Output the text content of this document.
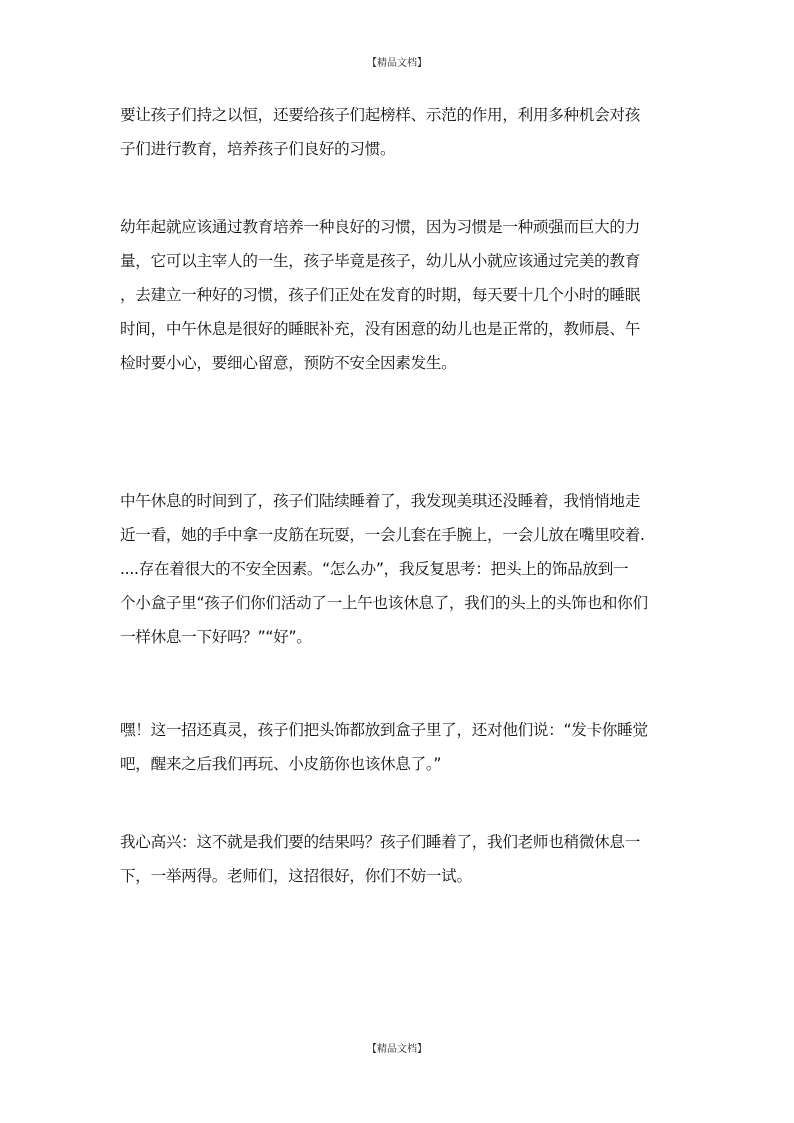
【精品文档】
要让孩子们持之以恒，还要给孩子们起榜样、示范的作用，利用多种机会对孩
子们进行教育，培养孩子们良好的习惯。
幼年起就应该通过教育培养一种良好的习惯，因为习惯是一种顽强而巨大的力
量，它可以主宰人的一生，孩子毕竟是孩子，幼儿从小就应该通过完美的教育
，去建立一种好的习惯，孩子们正处在发育的时期，每天要十几个小时的睡眠
时间，中午休息是很好的睡眠补充，没有困意的幼儿也是正常的，教师晨、午
检时要小心，要细心留意，预防不安全因素发生。
中午休息的时间到了，孩子们陆续睡着了，我发现美琪还没睡着，我悄悄地走
近一看，她的手中拿一皮筋在玩耍，一会儿套在手腕上，一会儿放在嘴里咬着.
....存在着很大的不安全因素。“怎么办”，我反复思考：把头上的饰品放到一
个小盒子里“孩子们你们活动了一上午也该休息了，我们的头上的头饰也和你们
一样休息一下好吗？”“好”。
嘿！这一招还真灵，孩子们把头饰都放到盒子里了，还对他们说：“发卡你睡觉
吧，醒来之后我们再玩、小皮筋你也该休息了。”
我心高兴：这不就是我们要的结果吗？孩子们睡着了，我们老师也稍微休息一
下，一举两得。老师们，这招很好，你们不妨一试。
【精品文档】
